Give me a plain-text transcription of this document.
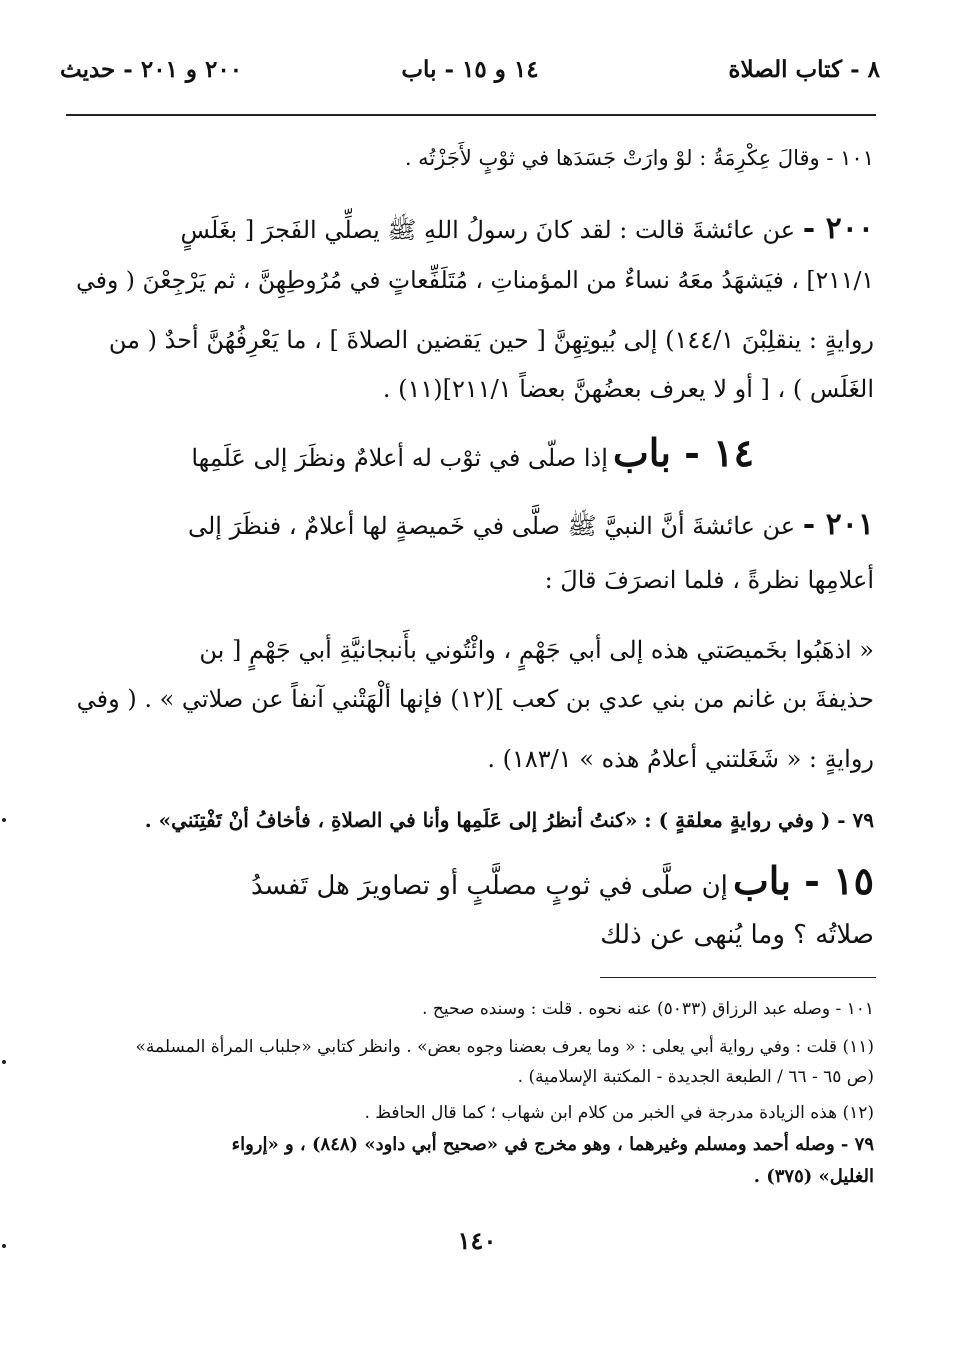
٨ - كتاب الصلاة
١٤ و ١٥ - باب
٢٠٠ و ٢٠١ - حديث
١٠١ - وقالَ عِكْرِمَةُ : لوْ وارَتْ جَسَدَها في ثوْبٍ لأَجَزْتُه .
٢٠٠ - عن عائشةَ قالت : لقد كانَ رسولُ اللهِ ﷺ يصلِّي الفَجرَ [ بغَلَسٍ
٢١١/١] ، فيَشهَدُ معَهُ نساءٌ من المؤمناتِ ، مُتَلَفِّعاتٍ في مُرُوطِهِنَّ ، ثم يَرْجِعْنَ ( وفي
روايةٍ : ينقلِبْنَ ١٤٤/١) إلى بُيوتِهِنَّ [ حين يَقضين الصلاةَ ] ، ما يَعْرِفُهُنَّ أحدٌ ( من
الغَلَس ) ، [ أو لا يعرف بعضُهنَّ بعضاً ٢١١/١](١١) .
١٤ - باب إذا صلّى في ثوْب له أعلامٌ ونظَرَ إلى عَلَمِها
٢٠١ - عن عائشةَ أنَّ النبيَّ ﷺ صلَّى في خَميصةٍ لها أعلامٌ ، فنظَرَ إلى
أعلامِها نظرةً ، فلما انصرَفَ قالَ :
« اذهَبُوا بخَميصَتي هذه إلى أبي جَهْمٍ ، وائْتُوني بأَنبجانيَّةِ أبي جَهْمٍ [ بن
حذيفةَ بن غانم من بني عدي بن كعب ](١٢) فإنها ألْهَتْني آنفاً عن صلاتي » . ( وفي
روايةٍ : « شَغَلتني أعلامُ هذه » ١٨٣/١) .
٧٩ - ( وفي روايةٍ معلقةٍ ) : «كنتُ أنظرُ إلى عَلَمِها وأنا في الصلاةِ ، فأخافُ أنْ تَفْتِنَني» .
١٥ - باب إن صلَّى في ثوبٍ مصلَّبٍ أو تصاويرَ هل تَفسدُ
صلاتُه ؟ وما يُنهى عن ذلك
١٠١ - وصله عبد الرزاق (٥٠٣٣) عنه نحوه . قلت : وسنده صحيح .
(١١) قلت : وفي رواية أبي يعلى : « وما يعرف بعضنا وجوه بعض» . وانظر كتابي «جلباب المرأة المسلمة»
(ص ٦٥ - ٦٦ / الطبعة الجديدة - المكتبة الإسلامية) .
(١٢) هذه الزيادة مدرجة في الخبر من كلام ابن شهاب ؛ كما قال الحافظ .
٧٩ - وصله أحمد ومسلم وغيرهما ، وهو مخرج في «صحيح أبي داود» (٨٤٨) ، و «إرواء
الغليل» (٣٧٥) .
١٤٠
